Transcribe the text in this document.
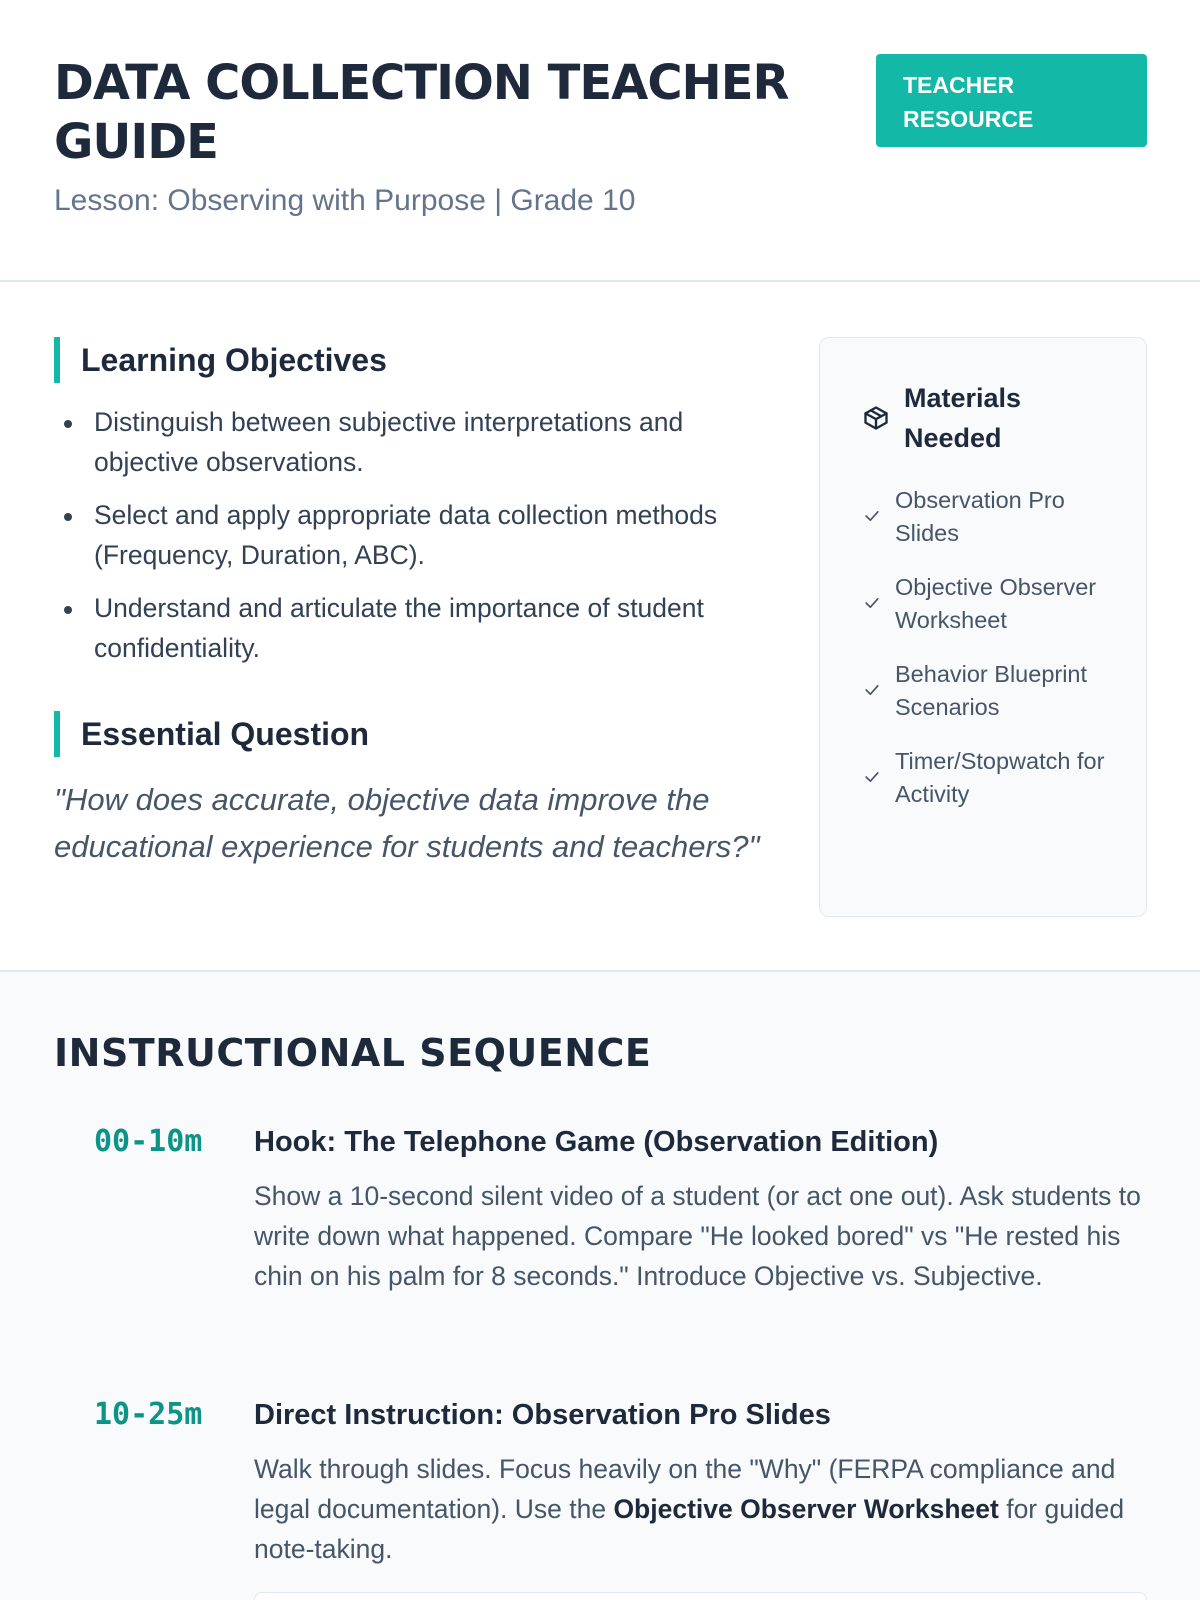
DATA COLLECTION TEACHER GUIDE
Lesson: Observing with Purpose | Grade 10
TEACHER RESOURCE
Learning Objectives
Distinguish between subjective interpretations and objective observations.
Select and apply appropriate data collection methods (Frequency, Duration, ABC).
Understand and articulate the importance of student confidentiality.
Essential Question
"How does accurate, objective data improve the educational experience for students and teachers?"
Materials Needed
Observation Pro Slides
Objective Observer Worksheet
Behavior Blueprint Scenarios
Timer/Stopwatch for Activity
INSTRUCTIONAL SEQUENCE
00-10m Hook: The Telephone Game (Observation Edition)
Show a 10-second silent video of a student (or act one out). Ask students to write down what happened. Compare "He looked bored" vs "He rested his chin on his palm for 8 seconds." Introduce Objective vs. Subjective.
10-25m Direct Instruction: Observation Pro Slides
Walk through slides. Focus heavily on the "Why" (FERPA compliance and legal documentation). Use the Objective Observer Worksheet for guided note-taking.
